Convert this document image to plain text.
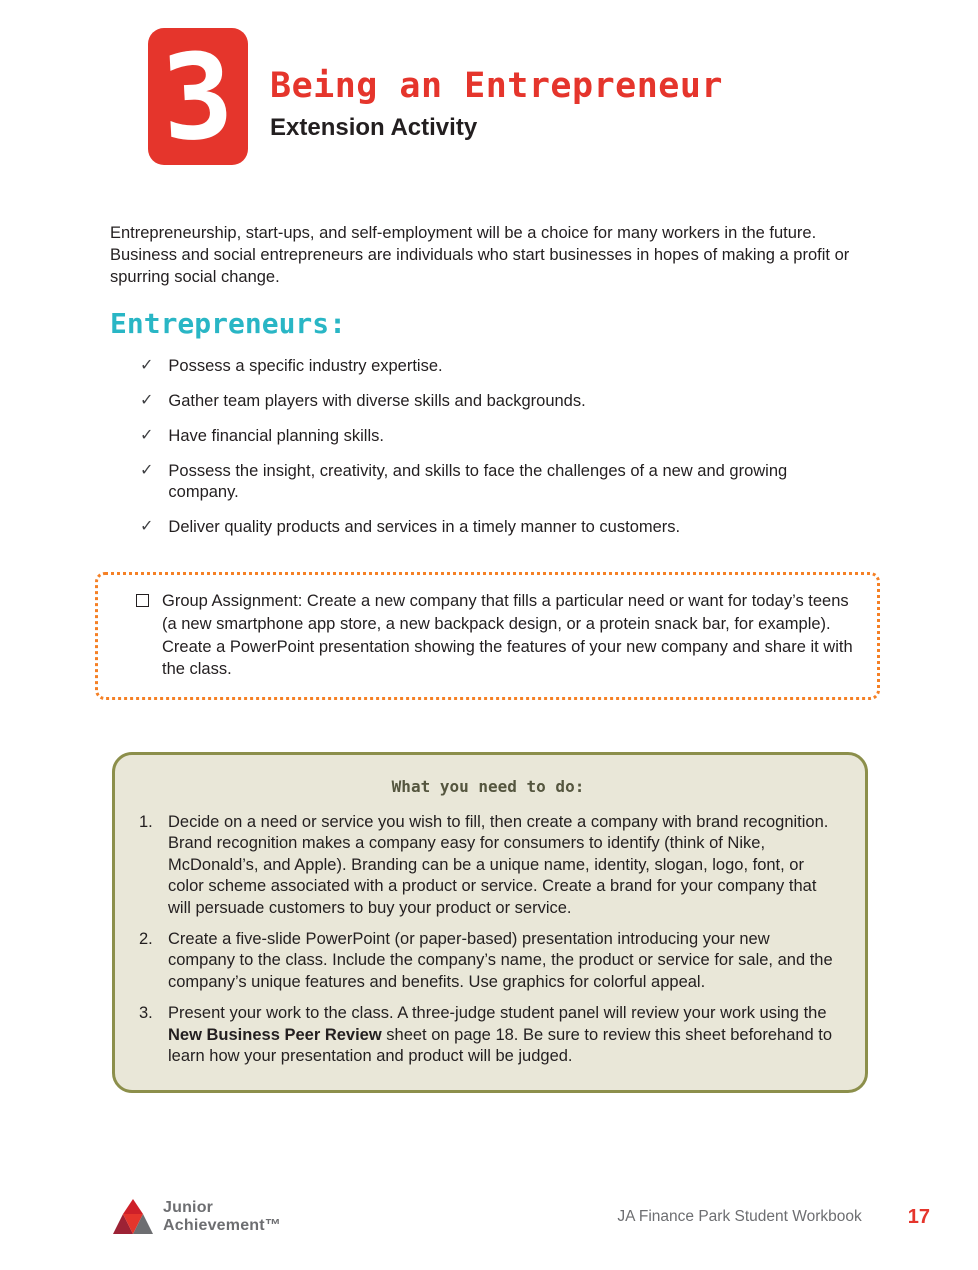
3 Being an Entrepreneur
Extension Activity

Entrepreneurship, start-ups, and self-employment will be a choice for many workers in the future. Business and social entrepreneurs are individuals who start businesses in hopes of making a profit or spurring social change.

Entrepreneurs:
✓ Possess a specific industry expertise.
✓ Gather team players with diverse skills and backgrounds.
✓ Have financial planning skills.
✓ Possess the insight, creativity, and skills to face the challenges of a new and growing company.
✓ Deliver quality products and services in a timely manner to customers.

Group Assignment: Create a new company that fills a particular need or want for today’s teens (a new smartphone app store, a new backpack design, or a protein snack bar, for example). Create a PowerPoint presentation showing the features of your new company and share it with the class.

What you need to do:
1. Decide on a need or service you wish to fill, then create a company with brand recognition. Brand recognition makes a company easy for consumers to identify (think of Nike, McDonald’s, and Apple). Branding can be a unique name, identity, slogan, logo, font, or color scheme associated with a product or service. Create a brand for your company that will persuade customers to buy your product or service.
2. Create a five-slide PowerPoint (or paper-based) presentation introducing your new company to the class. Include the company’s name, the product or service for sale, and the company’s unique features and benefits. Use graphics for colorful appeal.
3. Present your work to the class. A three-judge student panel will review your work using the New Business Peer Review sheet on page 18. Be sure to review this sheet beforehand to learn how your presentation and product will be judged.
Junior
Achievement™
JA Finance Park Student Workbook 17
